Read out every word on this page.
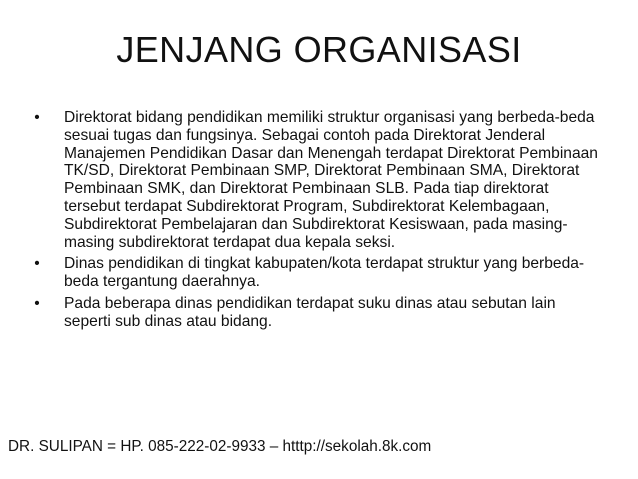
JENJANG ORGANISASI
•	Direktorat bidang pendidikan memiliki struktur organisasi yang berbeda-beda sesuai tugas dan fungsinya. Sebagai contoh pada Direktorat Jenderal Manajemen Pendidikan Dasar dan Menengah terdapat Direktorat Pembinaan TK/SD, Direktorat Pembinaan SMP, Direktorat Pembinaan SMA, Direktorat Pembinaan SMK, dan Direktorat Pembinaan SLB. Pada tiap direktorat tersebut terdapat Subdirektorat Program, Subdirektorat Kelembagaan, Subdirektorat Pembelajaran dan Subdirektorat Kesiswaan, pada masing-masing subdirektorat terdapat dua kepala seksi.
•	Dinas pendidikan di tingkat kabupaten/kota terdapat struktur yang berbeda-beda tergantung daerahnya.
•	Pada beberapa dinas pendidikan terdapat suku dinas atau sebutan lain seperti sub dinas atau bidang.
DR. SULIPAN = HP. 085-222-02-9933 – htttp://sekolah.8k.com
